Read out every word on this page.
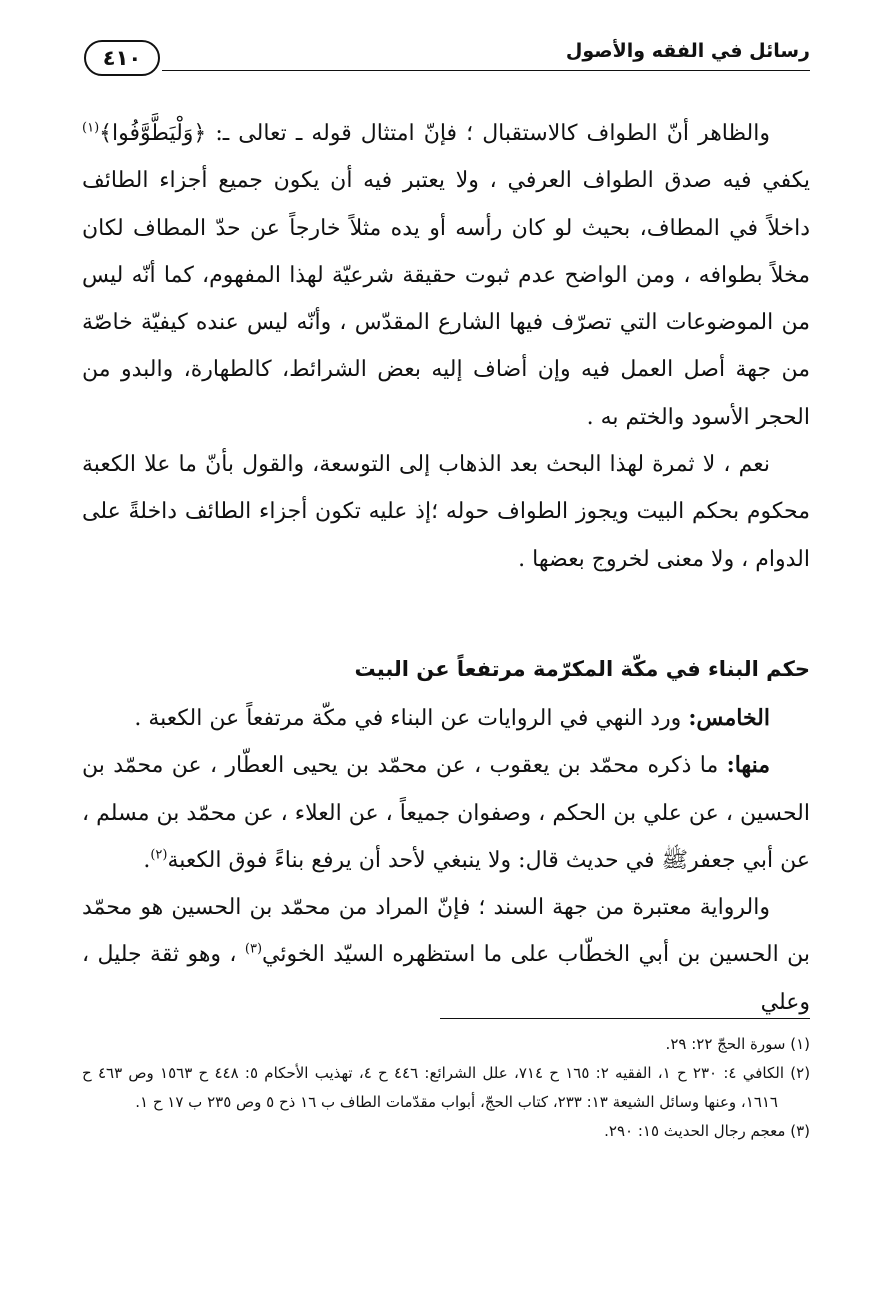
٤١٠	رسائل في الفقه والأصول

والظاهر أنّ الطواف كالاستقبال ؛ فإنّ امتثال قوله ـ تعالى ـ: ﴿وَلْيَطَّوَّفُوا﴾$^{(١)}$ يكفي فيه صدق الطواف العرفي ، ولا يعتبر فيه أن يكون جميع أجزاء الطائف داخلاً في المطاف، بحيث لو كان رأسه أو يده مثلاً خارجاً عن حدّ المطاف لكان مخلاً بطوافه ، ومن الواضح عدم ثبوت حقيقة شرعيّة لهذا المفهوم، كما أنّه ليس من الموضوعات التي تصرّف فيها الشارع المقدّس ، وأنّه ليس عنده كيفيّة خاصّة من جهة أصل العمل فيه وإن أضاف إليه بعض الشرائط، كالطهارة، والبدو من الحجر الأسود والختم به .

نعم ، لا ثمرة لهذا البحث بعد الذهاب إلى التوسعة، والقول بأنّ ما علا الكعبة محكوم بحكم البيت ويجوز الطواف حوله ؛إذ عليه تكون أجزاء الطائف داخلةً على الدوام ، ولا معنى لخروج بعضها .

حكم البناء في مكّة المكرّمة مرتفعاً عن البيت

الخامس: ورد النهي في الروايات عن البناء في مكّة مرتفعاً عن الكعبة .

منها: ما ذكره محمّد بن يعقوب ، عن محمّد بن يحيى العطّار ، عن محمّد بن الحسين ، عن علي بن الحكم ، وصفوان جميعاً ، عن العلاء ، عن محمّد بن مسلم ، عن أبي جعفرﷺ في حديث قال: ولا ينبغي لأحد أن يرفع بناءً فوق الكعبة$^{(٢)}$.

والرواية معتبرة من جهة السند ؛ فإنّ المراد من محمّد بن الحسين هو محمّد بن الحسين بن أبي الخطّاب على ما استظهره السيّد الخوئي$^{(٣)}$ ، وهو ثقة جليل ، وعلي

(١) سورة الحجّ ٢٢: ٢٩.

(٢) الكافي ٤: ٢٣٠ ح ١، الفقيه ٢: ١٦٥ ح ٧١٤، علل الشرائع: ٤٤٦ ح ٤، تهذيب الأحكام ٥: ٤٤٨ ح ١٥٦٣ وص ٤٦٣ ح ١٦١٦، وعنها وسائل الشيعة ١٣: ٢٣٣، كتاب الحجّ، أبواب مقدّمات الطاف ب ١٦ ذح ٥ وص ٢٣٥ ب ١٧ ح ١.

(٣) معجم رجال الحديث ١٥: ٢٩٠.
